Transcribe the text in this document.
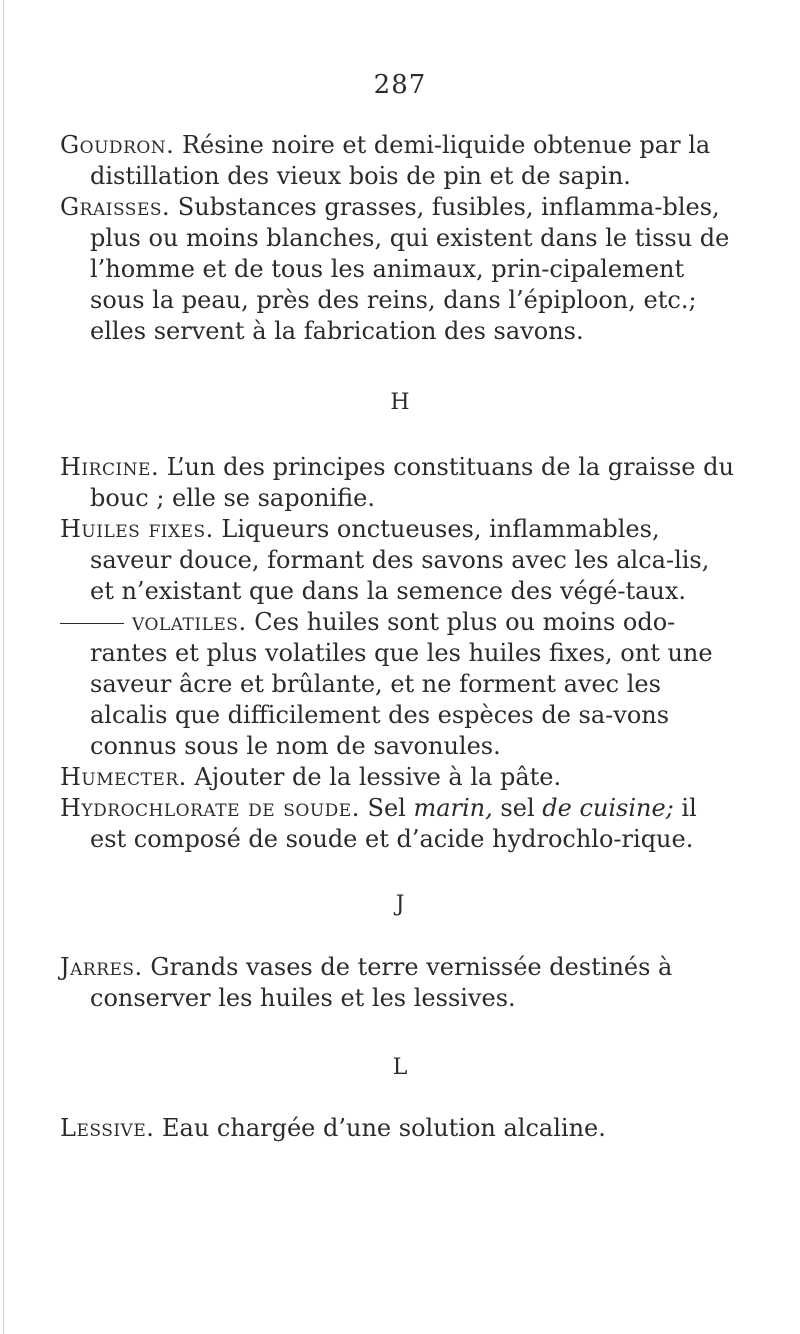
287

Goudron. Résine noire et demi-liquide obtenue par la distillation des vieux bois de pin et de sapin.

Graisses. Substances grasses, fusibles, inflamma-bles, plus ou moins blanches, qui existent dans le tissu de l’homme et de tous les animaux, prin-cipalement sous la peau, près des reins, dans l’épiploon, etc.; elles servent à la fabrication des savons.

H

Hircine. L’un des principes constituans de la graisse du bouc ; elle se saponifie.

Huiles fixes. Liqueurs onctueuses, inflammables, saveur douce, formant des savons avec les alca-lis, et n’existant que dans la semence des végé-taux.

volatiles. Ces huiles sont plus ou moins odo-rantes et plus volatiles que les huiles fixes, ont une saveur âcre et brûlante, et ne forment avec les alcalis que difficilement des espèces de sa-vons connus sous le nom de savonules.

Humecter. Ajouter de la lessive à la pâte.

Hydrochlorate de soude. Sel marin, sel de cuisine; il est composé de soude et d’acide hydrochlo-rique.

J

Jarres. Grands vases de terre vernissée destinés à conserver les huiles et les lessives.

L

Lessive. Eau chargée d’une solution alcaline.
